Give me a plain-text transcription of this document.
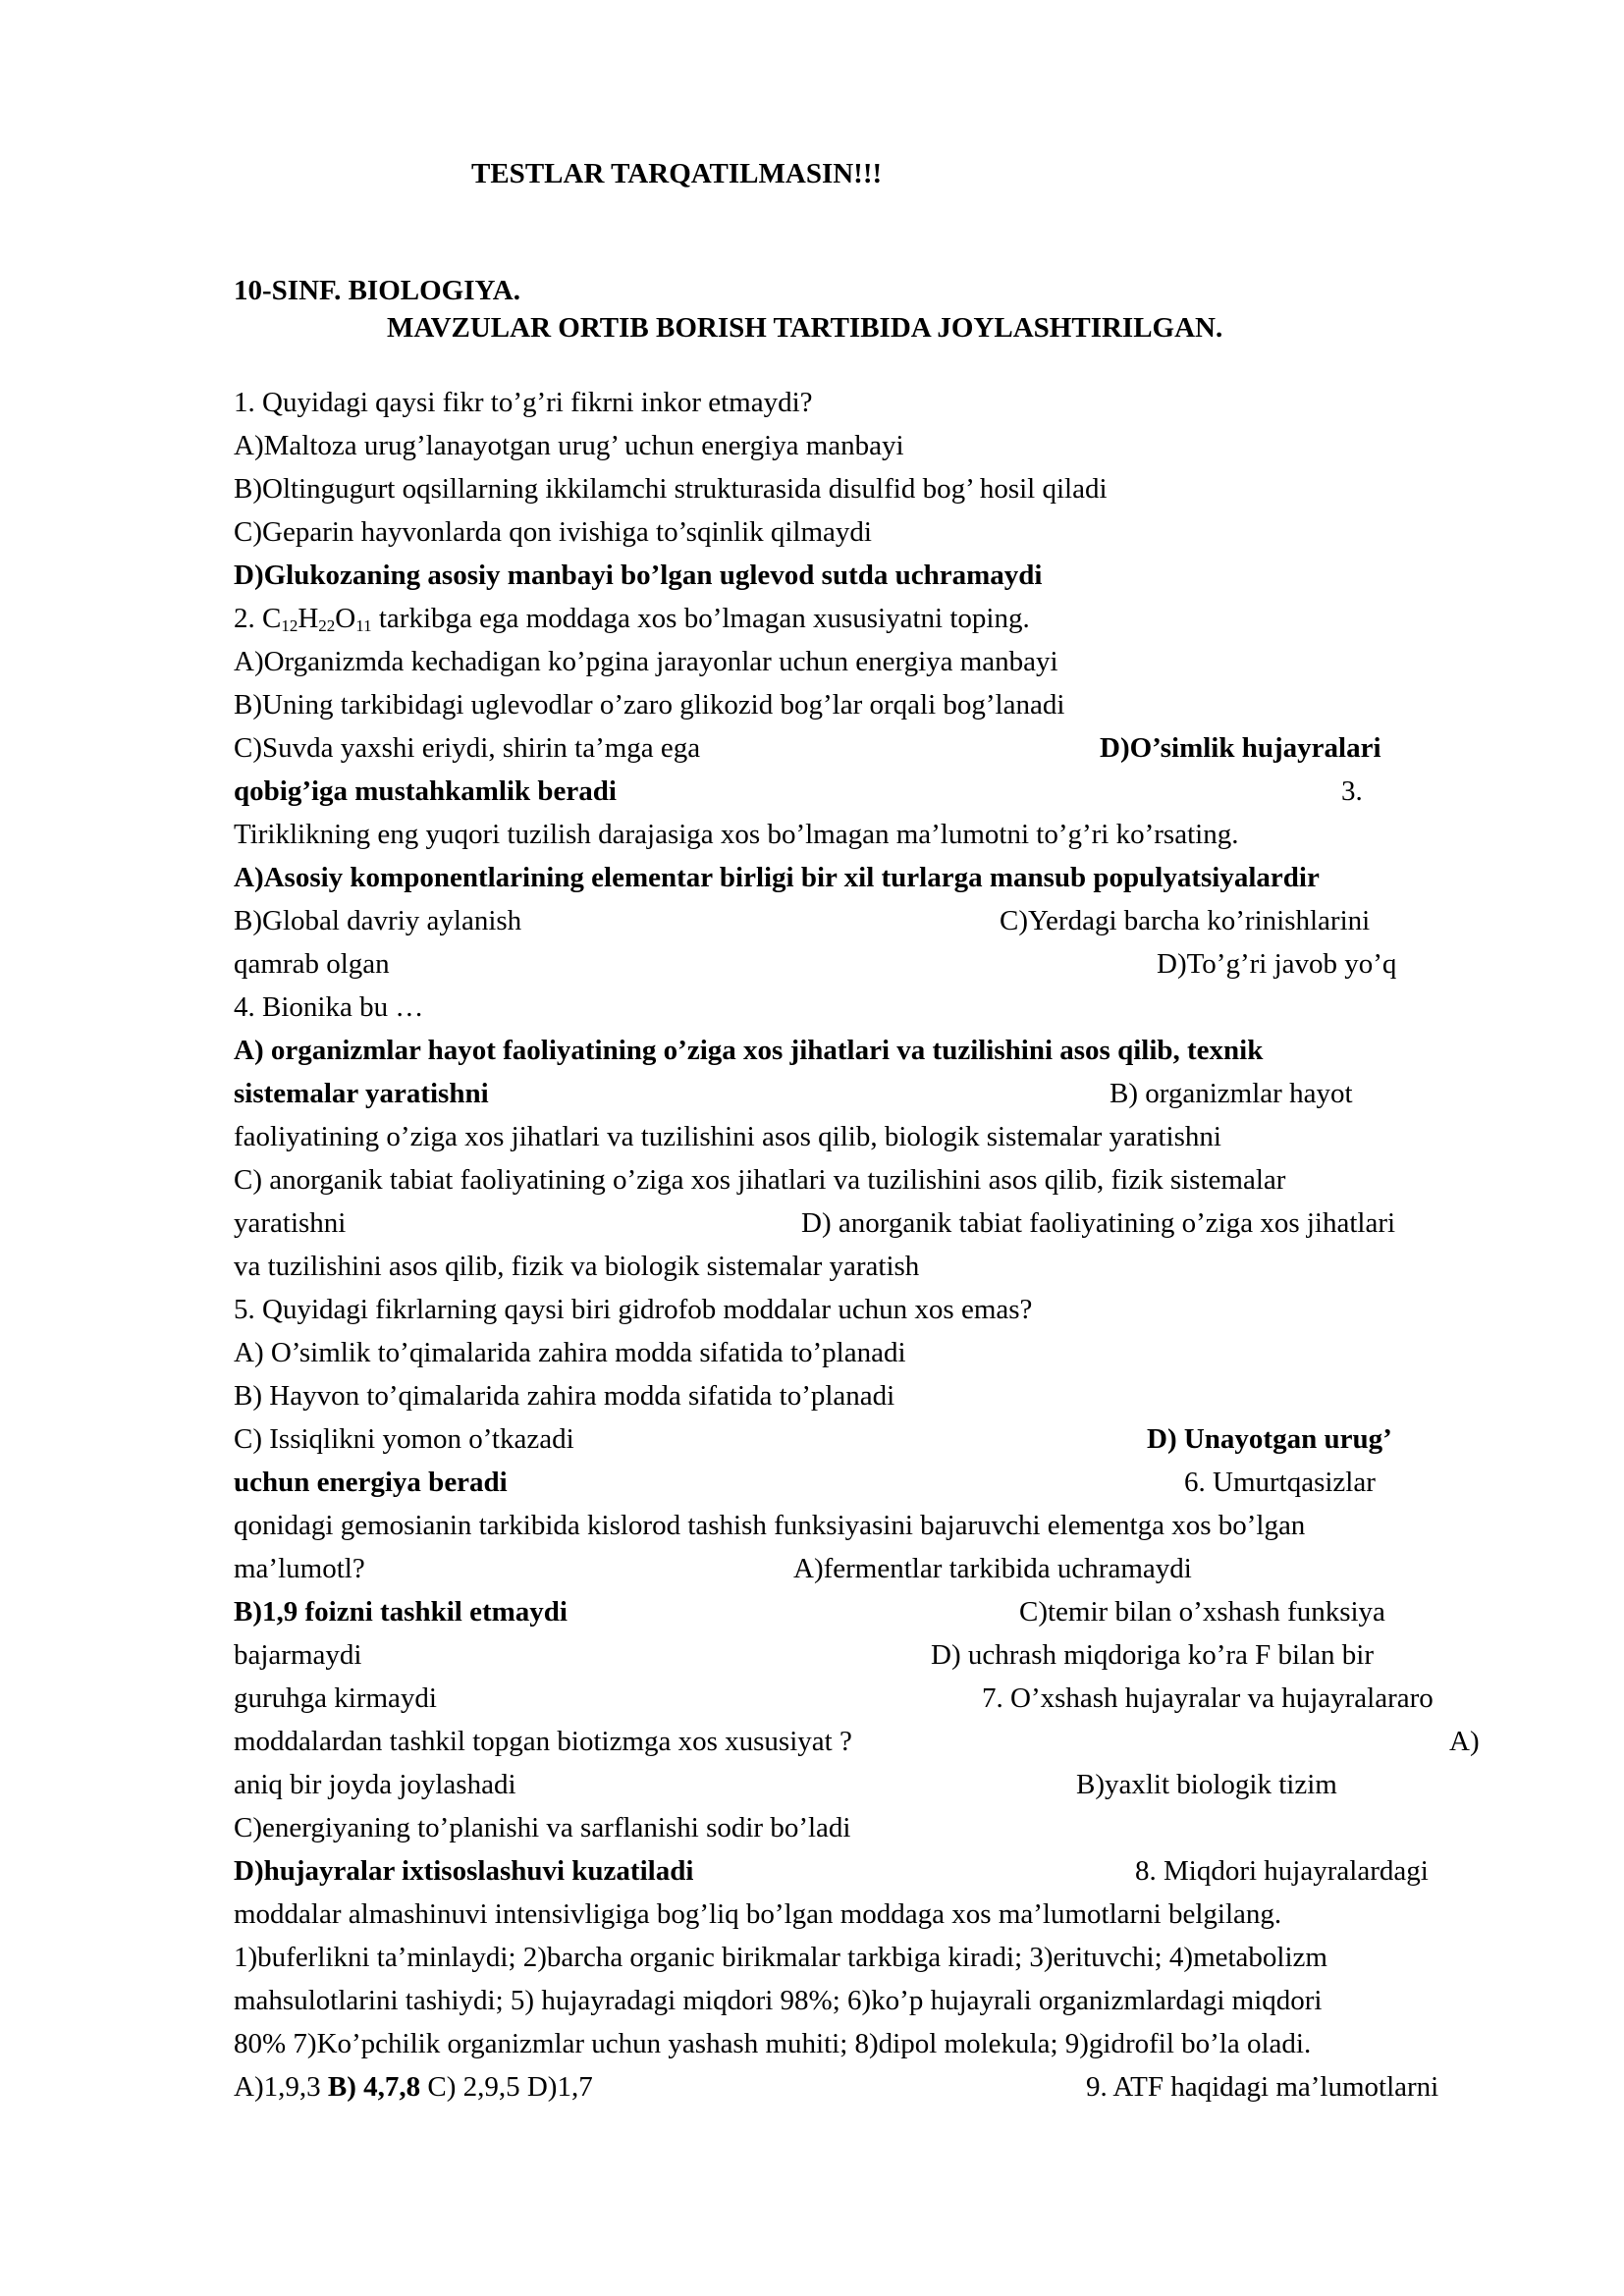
TESTLAR TARQATILMASIN!!!

10-SINF. BIOLOGIYA.

MAVZULAR ORTIB BORISH TARTIBIDA JOYLASHTIRILGAN.

1. Quyidagi qaysi fikr to’g’ri fikrni inkor etmaydi?

A)Maltoza urug’lanayotgan urug’ uchun energiya manbayi

B)Oltingugurt oqsillarning ikkilamchi strukturasida disulfid bog’ hosil qiladi

C)Geparin hayvonlarda qon ivishiga to’sqinlik qilmaydi

D)Glukozaning asosiy manbayi bo’lgan uglevod sutda uchramaydi

2. $C_{12}H_{22}O_{11}$ tarkibga ega moddaga xos bo’lmagan xususiyatni toping.

A)Organizmda kechadigan ko’pgina jarayonlar uchun energiya manbayi

B)Uning tarkibidagi uglevodlar o’zaro glikozid bog’lar orqali bog’lanadi

C)Suvda yaxshi eriydi, shirin ta’mga ega	D)O’simlik hujayralari

qobig’iga mustahkamlik beradi	3.

Tiriklikning eng yuqori tuzilish darajasiga xos bo’lmagan ma’lumotni to’g’ri ko’rsating.

A)Asosiy komponentlarining elementar birligi bir xil turlarga mansub populyatsiyalardir

B)Global davriy aylanish	C)Yerdagi barcha ko’rinishlarini

qamrab olgan	D)To’g’ri javob yo’q

4. Bionika bu …

A) organizmlar hayot faoliyatining o’ziga xos jihatlari va tuzilishini asos qilib, texnik

sistemalar yaratishni	B) organizmlar hayot

faoliyatining o’ziga xos jihatlari va tuzilishini asos qilib, biologik sistemalar yaratishni

C) anorganik tabiat faoliyatining o’ziga xos jihatlari va tuzilishini asos qilib, fizik sistemalar

yaratishni	D) anorganik tabiat faoliyatining o’ziga xos jihatlari

va tuzilishini asos qilib, fizik va biologik sistemalar yaratish

5. Quyidagi fikrlarning qaysi biri gidrofob moddalar uchun xos emas?

A) O’simlik to’qimalarida zahira modda sifatida to’planadi

B) Hayvon to’qimalarida zahira modda sifatida to’planadi

C) Issiqlikni yomon o’tkazadi	D) Unayotgan urug’

uchun energiya beradi	6. Umurtqasizlar

qonidagi gemosianin tarkibida kislorod tashish funksiyasini bajaruvchi elementga xos bo’lgan

ma’lumotl?	A)fermentlar tarkibida uchramaydi

B)1,9 foizni tashkil etmaydi	C)temir bilan o’xshash funksiya

bajarmaydi	D) uchrash miqdoriga ko’ra F bilan bir

guruhga kirmaydi	7. O’xshash hujayralar va hujayralararo

moddalardan tashkil topgan biotizmga xos xususiyat ?	A)

aniq bir joyda joylashadi	B)yaxlit biologik tizim

C)energiyaning to’planishi va sarflanishi sodir bo’ladi

D)hujayralar ixtisoslashuvi kuzatiladi	8. Miqdori hujayralardagi

moddalar almashinuvi intensivligiga bog’liq bo’lgan moddaga xos ma’lumotlarni belgilang.

1)buferlikni ta’minlaydi; 2)barcha organic birikmalar tarkbiga kiradi; 3)erituvchi; 4)metabolizm

mahsulotlarini tashiydi; 5) hujayradagi miqdori 98%; 6)ko’p hujayrali organizmlardagi miqdori

80% 7)Ko’pchilik organizmlar uchun yashash muhiti; 8)dipol molekula; 9)gidrofil bo’la oladi.

A)1,9,3 B) 4,7,8 C) 2,9,5 D)1,7	9. ATF haqidagi ma’lumotlarni
